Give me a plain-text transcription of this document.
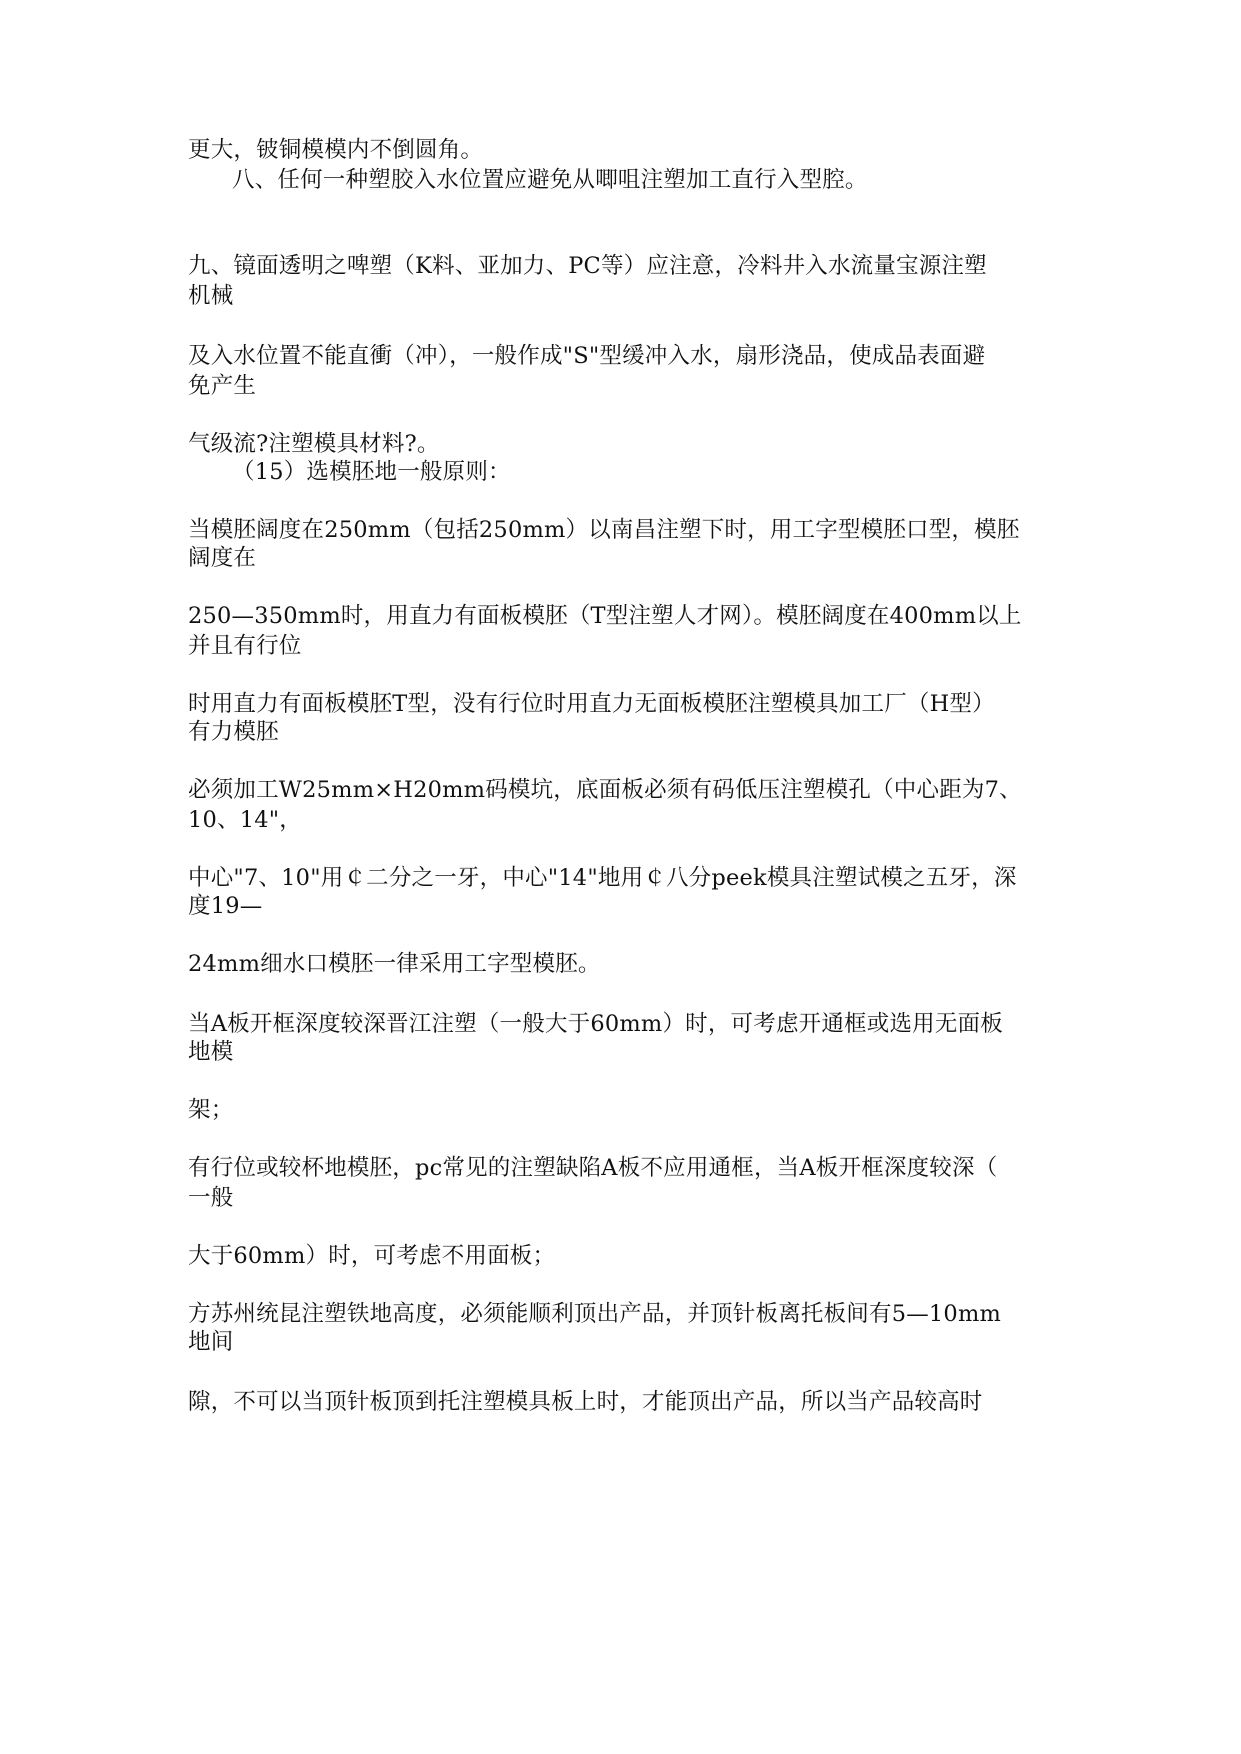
更大，铍铜模模内不倒圆角。
八、任何一种塑胶入水位置应避免从唧咀注塑加工直行入型腔。
九、镜面透明之啤塑（K料、亚加力、PC等）应注意，冷料井入水流量宝源注塑
机械
及入水位置不能直衝（冲），一般作成"S"型缓冲入水，扇形浇品，使成品表面避
免产生
气级流?注塑模具材料?。
（15）选模胚地一般原则：
当模胚阔度在250mm（包括250mm）以南昌注塑下时，用工字型模胚口型，模胚
阔度在
250—350mm时，用直力有面板模胚（T型注塑人才网）。模胚阔度在400mm以上
并且有行位
时用直力有面板模胚T型，没有行位时用直力无面板模胚注塑模具加工厂（H型）
有力模胚
必须加工W25mm×H20mm码模坑，底面板必须有码低压注塑模孔（中心距为7、
10、14"，
中心"7、10"用￠二分之一牙，中心"14"地用￠八分peek模具注塑试模之五牙，深
度19—
24mm细水口模胚一律采用工字型模胚。
当A板开框深度较深晋江注塑（一般大于60mm）时，可考虑开通框或选用无面板
地模
架；
有行位或较杯地模胚，pc常见的注塑缺陷A板不应用通框，当A板开框深度较深（
一般
大于60mm）时，可考虑不用面板；
方苏州统昆注塑铁地高度，必须能顺利顶出产品，并顶针板离托板间有5—10mm
地间
隙，不可以当顶针板顶到托注塑模具板上时，才能顶出产品，所以当产品较高时
